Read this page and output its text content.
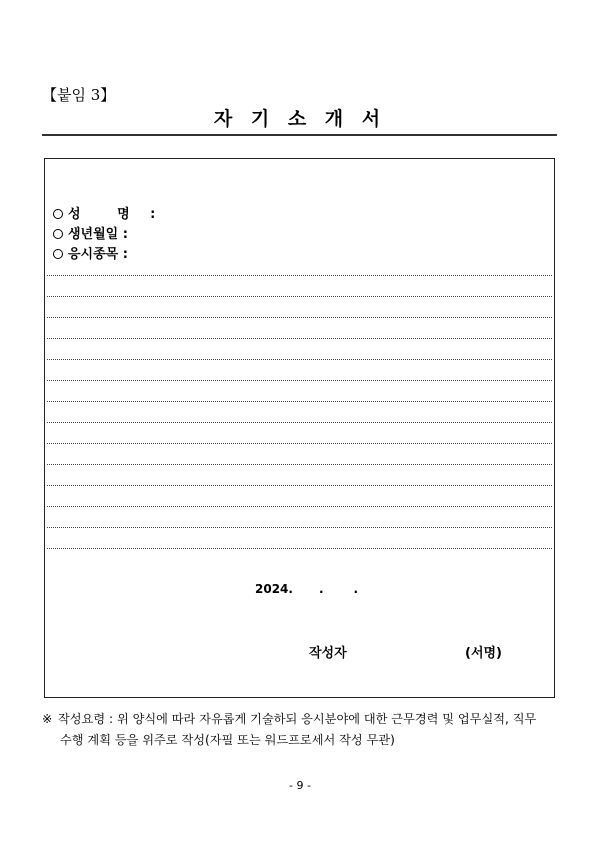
【붙임 3】
자 기 소 개 서
성 명 :
생년월일 :
응시종목 :
2024. .	.
작성자	(서명)
※ 작성요령 : 위 양식에 따라 자유롭게 기술하되 응시분야에 대한 근무경력 및 업무실적, 직무
수행 계획 등을 위주로 작성(자필 또는 워드프로세서 작성 무관)
- 9 -
